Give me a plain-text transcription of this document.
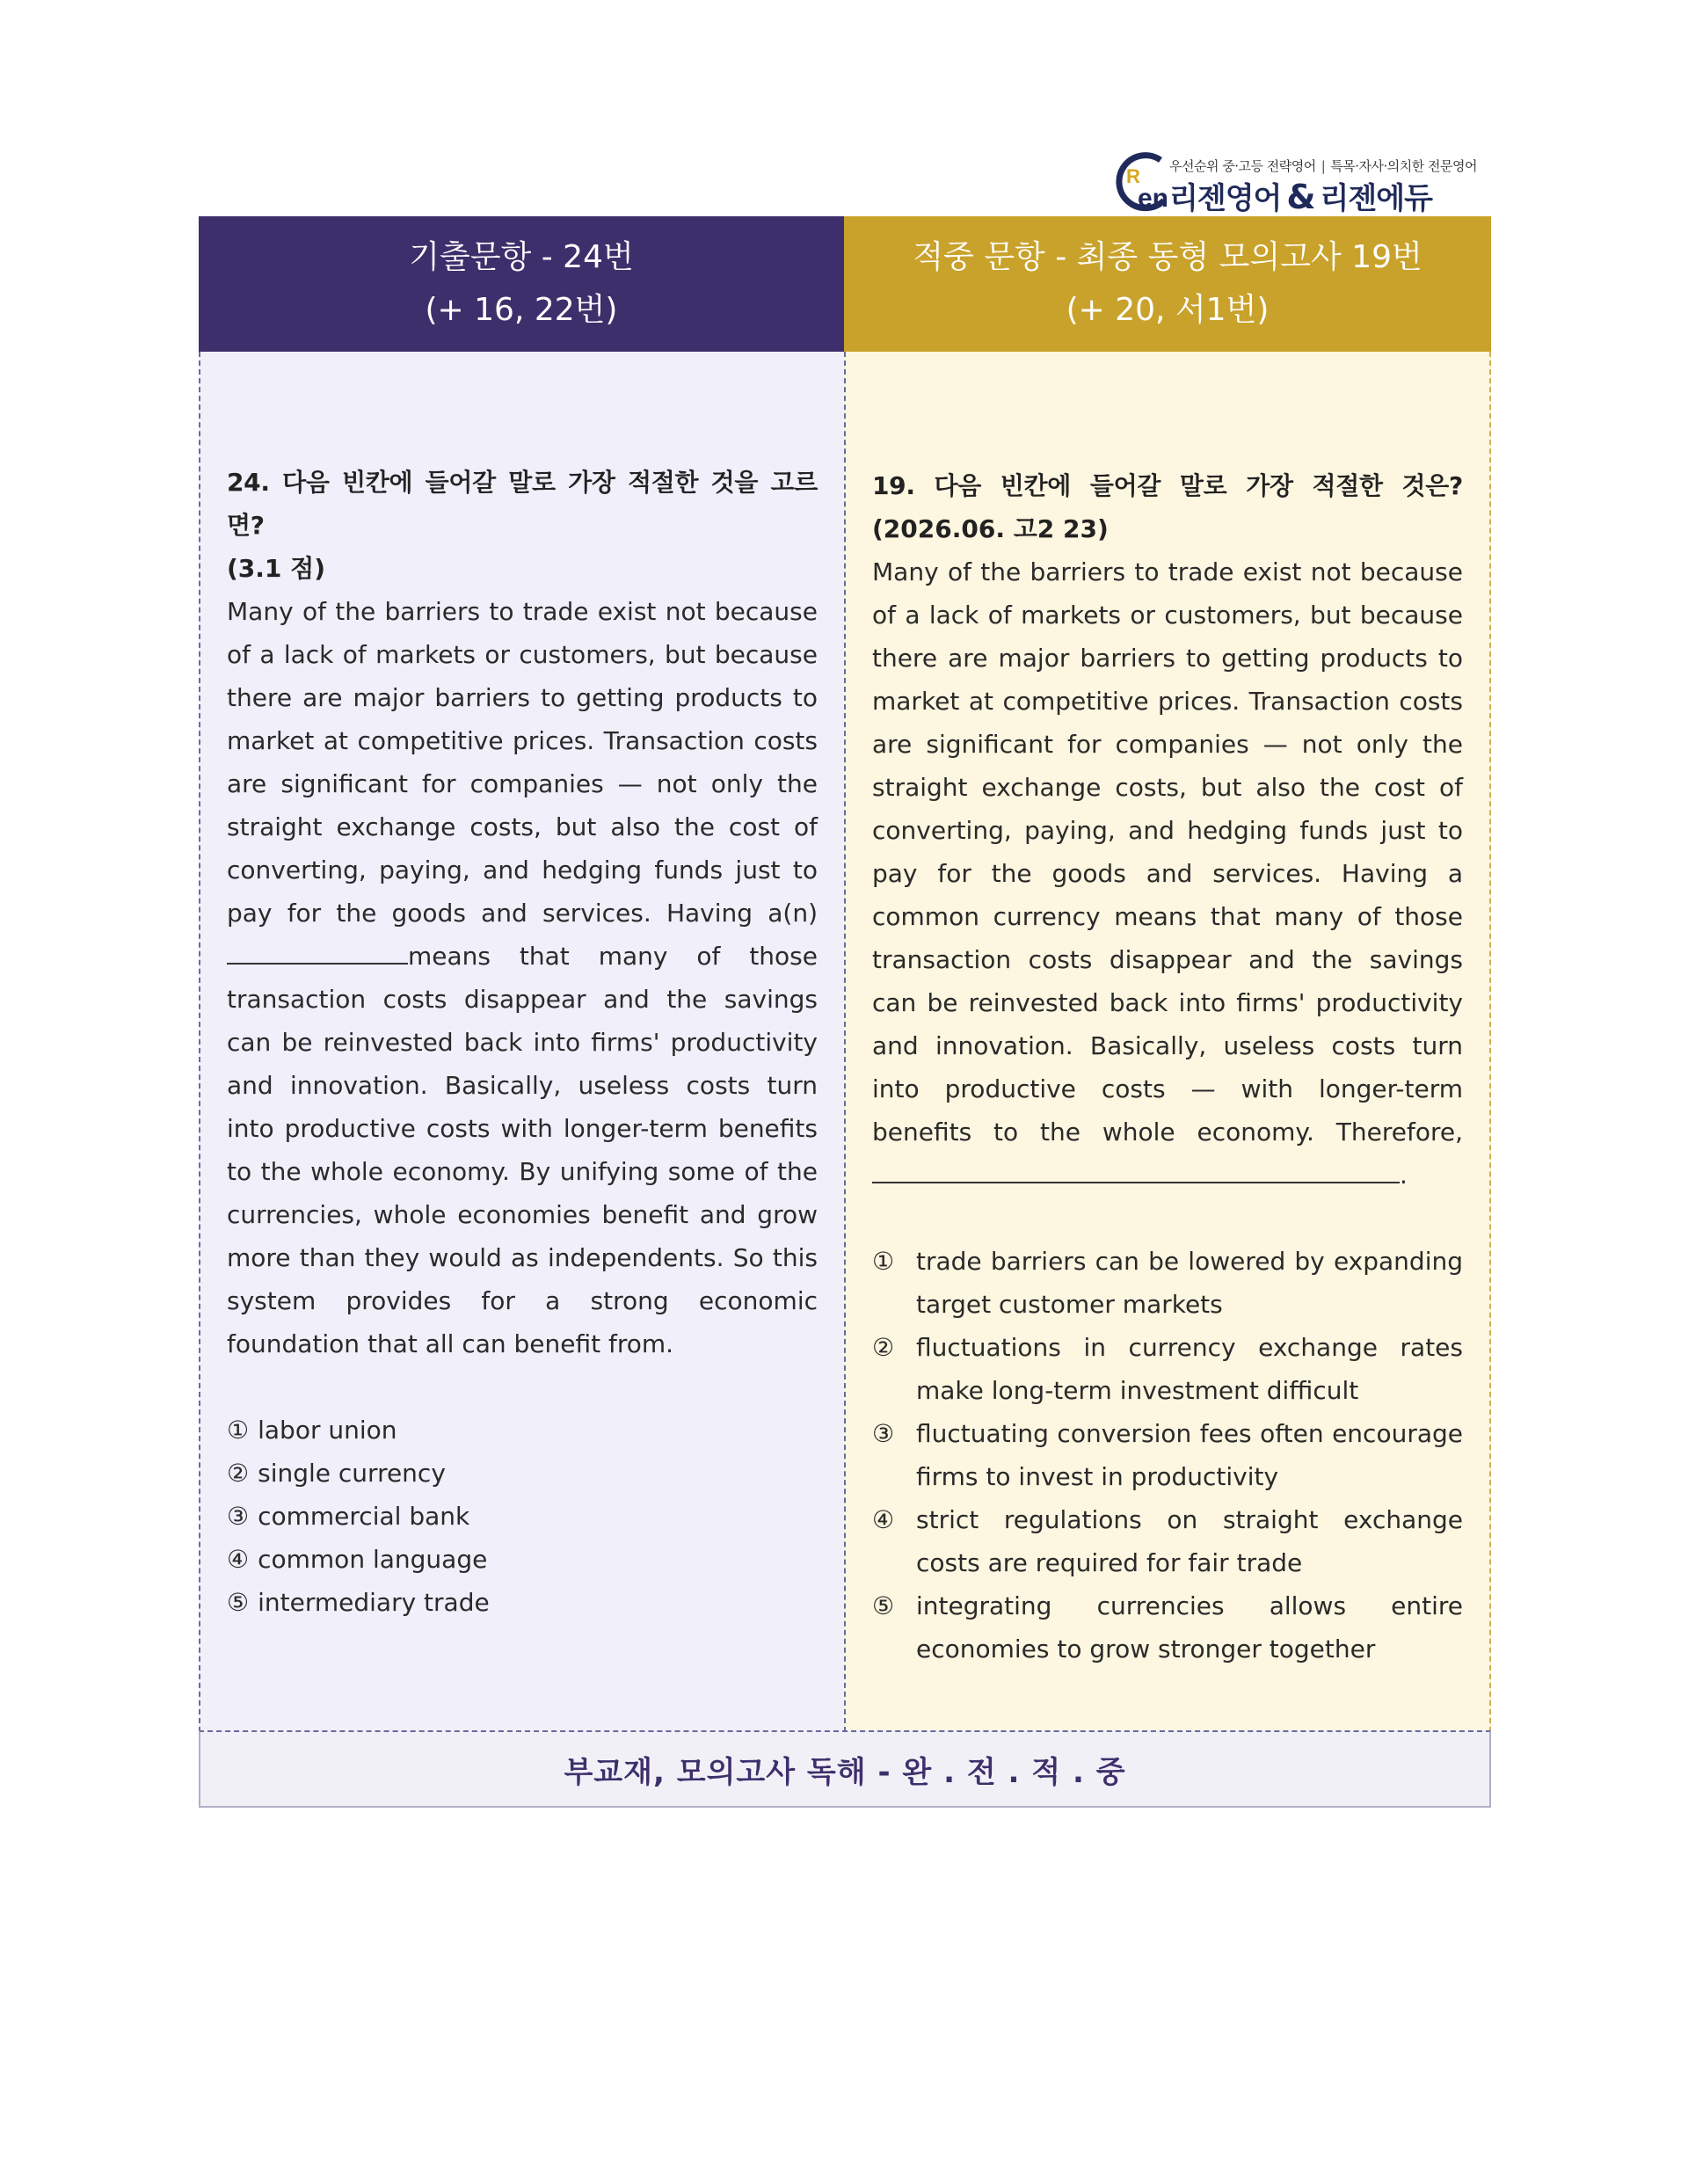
R
en
우선순위 중·고등 전략영어 | 특목·자사·의치한 전문영어
리젠영어 & 리젠에듀
기출문항 - 24번
(+ 16, 22번)
적중 문항 - 최종 동형 모의고사 19번
(+ 20, 서1번)
24. 다음 빈칸에 들어갈 말로 가장 적절한 것을 고르면?
(3.1 점)
Many of the barriers to trade exist not because of a lack of markets or customers, but because there are major barriers to getting products to market at competitive prices. Transaction costs are significant for companies — not only the straight exchange costs, but also the cost of converting, paying, and hedging funds just to pay for the goods and services. Having a(n) means that many of those transaction costs disappear and the savings can be reinvested back into firms' productivity and innovation. Basically, useless costs turn into productive costs with longer-term benefits to the whole economy. By unifying some of the currencies, whole economies benefit and grow more than they would as independents. So this system provides for a strong economic foundation that all can benefit from.
① labor union
② single currency
③ commercial bank
④ common language
⑤ intermediary trade
19. 다음 빈칸에 들어갈 말로 가장 적절한 것은?
(2026.06. 고2 23)
Many of the barriers to trade exist not because of a lack of markets or customers, but because there are major barriers to getting products to market at competitive prices. Transaction costs are significant for companies — not only the straight exchange costs, but also the cost of converting, paying, and hedging funds just to pay for the goods and services. Having a common currency means that many of those transaction costs disappear and the savings can be reinvested back into firms' productivity and innovation. Basically, useless costs turn into productive costs — with longer-term benefits to the whole economy. Therefore, .
① trade barriers can be lowered by expanding target customer markets
② fluctuations in currency exchange rates make long-term investment difficult
③ fluctuating conversion fees often encourage firms to invest in productivity
④ strict regulations on straight exchange costs are required for fair trade
⑤ integrating currencies allows entire economies to grow stronger together
부교재, 모의고사 독해 - 완 . 전 . 적 . 중
